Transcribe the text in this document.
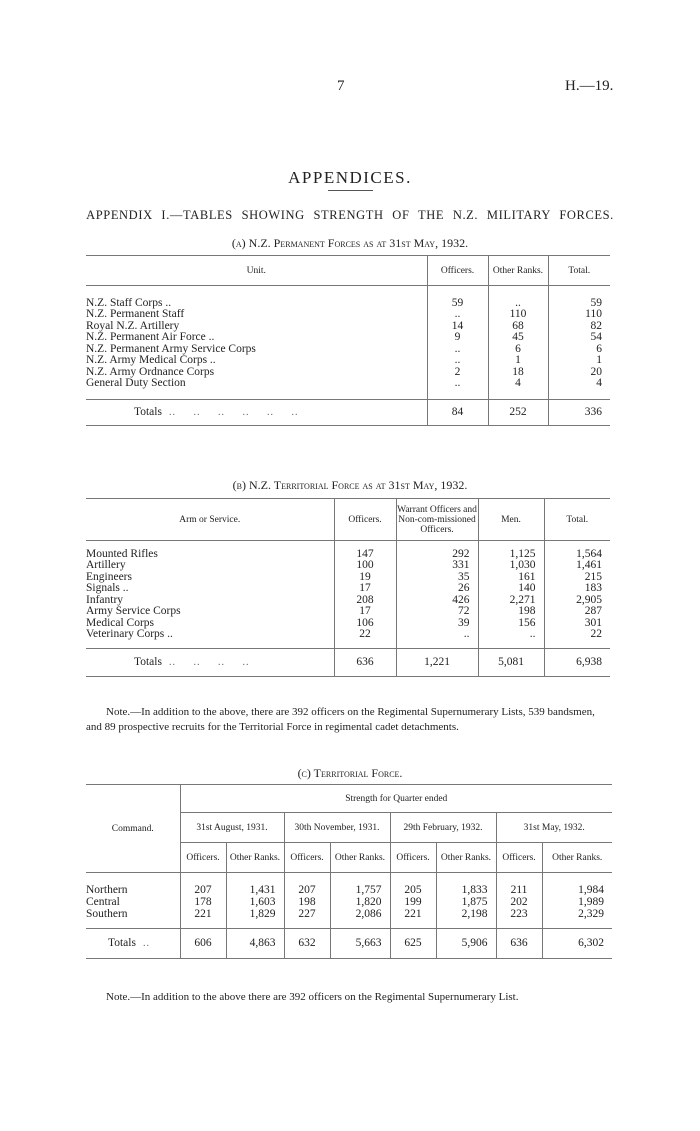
7	H.—19.
APPENDICES.
APPENDIX I.—TABLES SHOWING STRENGTH OF THE N.Z. MILITARY FORCES.
(a) N.Z. Permanent Forces as at 31st May, 1932.
Unit.	Officers.	Other Ranks.	Total.

N.Z. Staff Corps ..	59	..	59
N.Z. Permanent Staff	..	110	110
Royal N.Z. Artillery	14	68	82
N.Z. Permanent Air Force ..	9	45	54
N.Z. Permanent Army Service Corps	..	6	6
N.Z. Army Medical Corps ..	..	1	1
N.Z. Army Ordnance Corps	2	18	20
General Duty Section	..	4	4

Totals  ..     ..     ..     ..     ..     ..	84	252	336
(b) N.Z. Territorial Force as at 31st May, 1932.
Arm or Service.	Officers.	Warrant Officers and Non-com-missioned Officers.	Men.	Total.

Mounted Rifles	147	292	1,125	1,564
Artillery	100	331	1,030	1,461
Engineers	19	35	161	215
Signals ..	17	26	140	183
Infantry	208	426	2,271	2,905
Army Service Corps	17	72	198	287
Medical Corps	106	39	156	301
Veterinary Corps ..	22	..	..	22

Totals  ..     ..     ..     ..	636	1,221	5,081	6,938
Note.—In addition to the above, there are 392 officers on the Regimental Supernumerary Lists, 539 bandsmen, and 89 prospective recruits for the Territorial Force in regimental cadet detachments.
(c) Territorial Force.
Command.	Strength for Quarter ended							
	31st August, 1931.		30th November, 1931.		29th February, 1932.		31st May, 1932.	
	Officers.	Other Ranks.	Officers.	Other Ranks.	Officers.	Other Ranks.	Officers.	Other Ranks.

Northern	207	1,431	207	1,757	205	1,833	211	1,984
Central	178	1,603	198	1,820	199	1,875	202	1,989
Southern	221	1,829	227	2,086	221	2,198	223	2,329

Totals  ..	606	4,863	632	5,663	625	5,906	636	6,302
Note.—In addition to the above there are 392 officers on the Regimental Supernumerary List.
